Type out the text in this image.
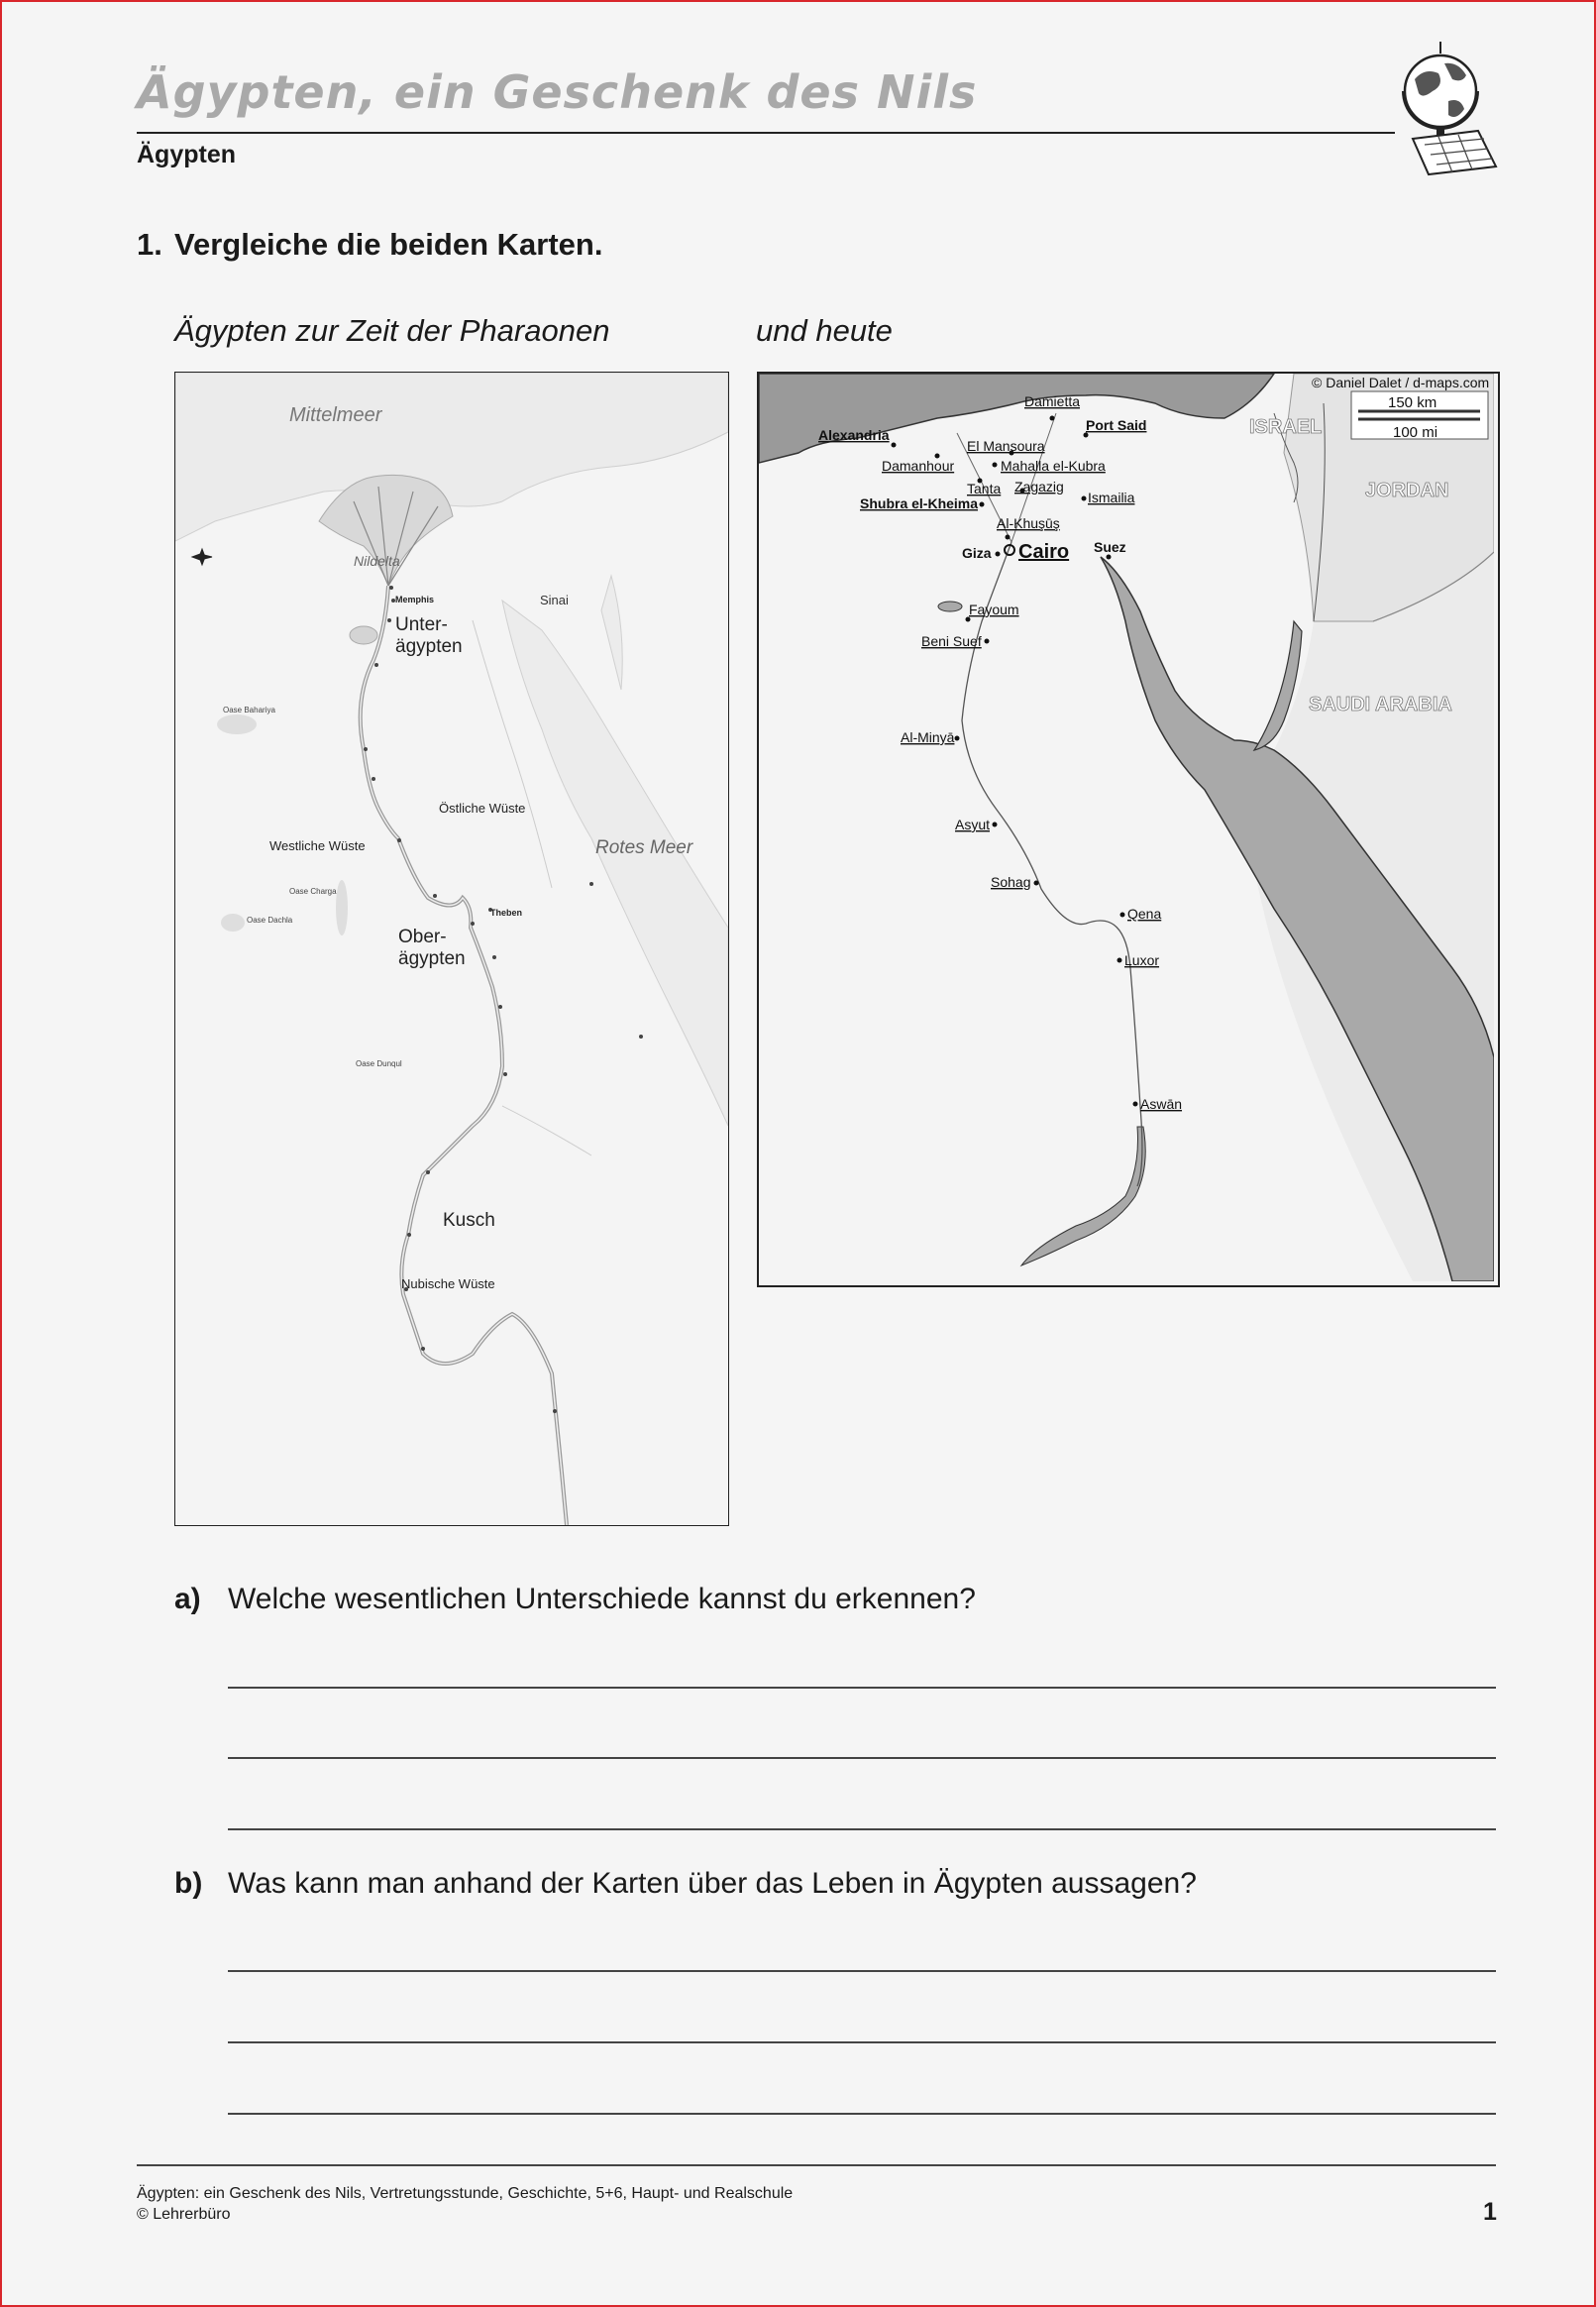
Ägypten, ein Geschenk des Nils
Ägypten
1. Vergleiche die beiden Karten.
Ägypten zur Zeit der Pharaonen	und heute
Mittelmeer
Nildelta
Memphis
Unter-
ägypten
Sinai
Oase Bahariya
Östliche Wüste
Westliche Wüste	Rotes Meer
Oase Charga
Oase Dachla
Theben
Ober-
ägypten
Oase Dunqul
Kusch
Nubische Wüste
© Daniel Dalet / d-maps.com
150 km
100 mi
ISRAEL
JORDAN
SAUDI ARABIA
Damietta
Alexandria
Port Said
El Mansoura
Damanhour	Mahalla el-Kubra
Tanta Zagazig
Shubra el-Kheima	Ismailia
Al-Khuşūş
Giza Cairo Suez
Fayoum
Beni Suef
Al-Minyā
Asyut
Sohag
Qena
Luxor
Aswān
a) Welche wesentlichen Unterschiede kannst du erkennen?
b) Was kann man anhand der Karten über das Leben in Ägypten aussagen?
Ägypten: ein Geschenk des Nils, Vertretungsstunde, Geschichte, 5+6, Haupt- und Realschule
© Lehrerbüro	1
